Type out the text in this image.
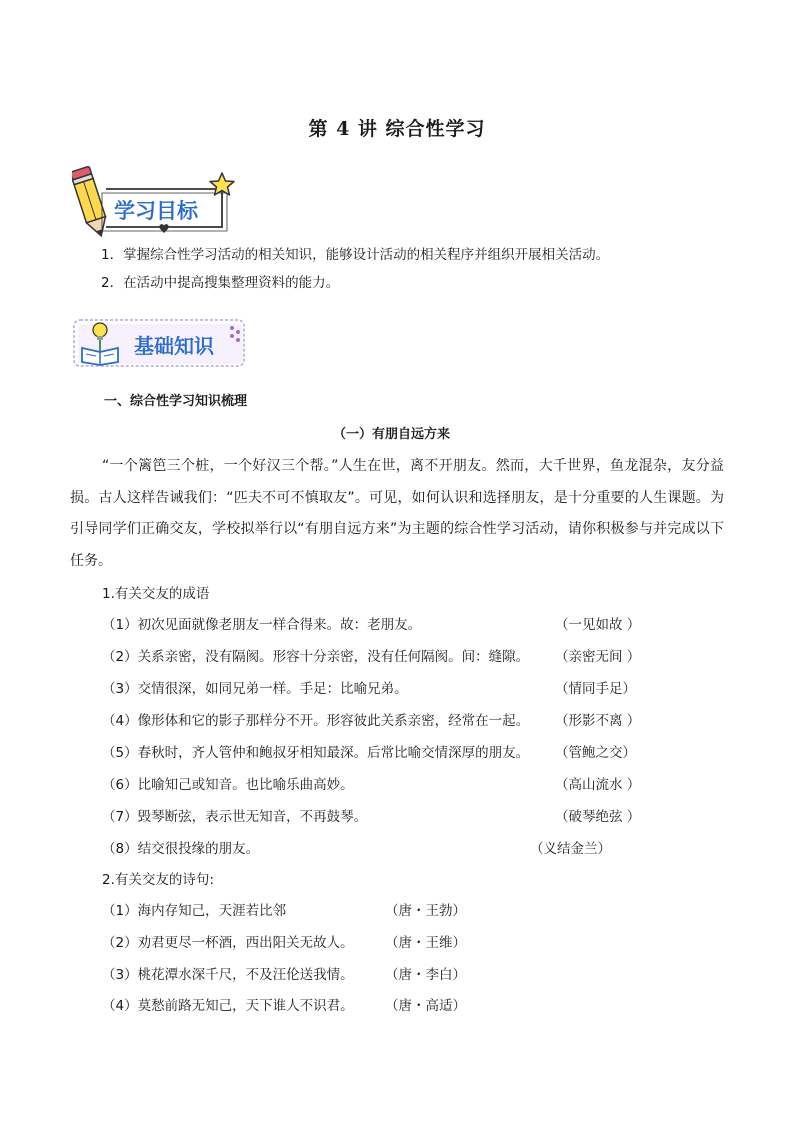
第 4 讲 综合性学习
学习目标
1．掌握综合性学习活动的相关知识，能够设计活动的相关程序并组织开展相关活动。
2．在活动中提高搜集整理资料的能力。
基础知识
一、综合性学习知识梳理
（一）有朋自远方来
“一个篱笆三个桩，一个好汉三个帮。”人生在世，离不开朋友。然而，大千世界，鱼龙混杂，友分益损。古人这样告诫我们：“匹夫不可不慎取友”。可见，如何认识和选择朋友，是十分重要的人生课题。为引导同学们正确交友，学校拟举行以“有朋自远方来”为主题的综合性学习活动，请你积极参与并完成以下任务。
1.有关交友的成语
（1）初次见面就像老朋友一样合得来。故：老朋友。	（一见如故 ）
（2）关系亲密，没有隔阂。形容十分亲密，没有任何隔阂。间：缝隙。 （亲密无间 ）
（3）交情很深，如同兄弟一样。手足：比喻兄弟。	（情同手足）
（4）像形体和它的影子那样分不开。形容彼此关系亲密，经常在一起。 （形影不离 ）
（5）春秋时，齐人管仲和鲍叔牙相知最深。后常比喻交情深厚的朋友。 （管鲍之交）
（6）比喻知己或知音。也比喻乐曲高妙。	（高山流水 ）
（7）毁琴断弦，表示世无知音，不再鼓琴。	（破琴绝弦 ）
（8）结交很投缘的朋友。	（义结金兰）
2.有关交友的诗句:
（1）海内存知己，天涯若比邻	（唐・王勃）
（2）劝君更尽一杯酒，西出阳关无故人。 （唐・王维）
（3）桃花潭水深千尺，不及汪伦送我情。 （唐・李白）
（4）莫愁前路无知己，天下谁人不识君。 （唐・高适）
